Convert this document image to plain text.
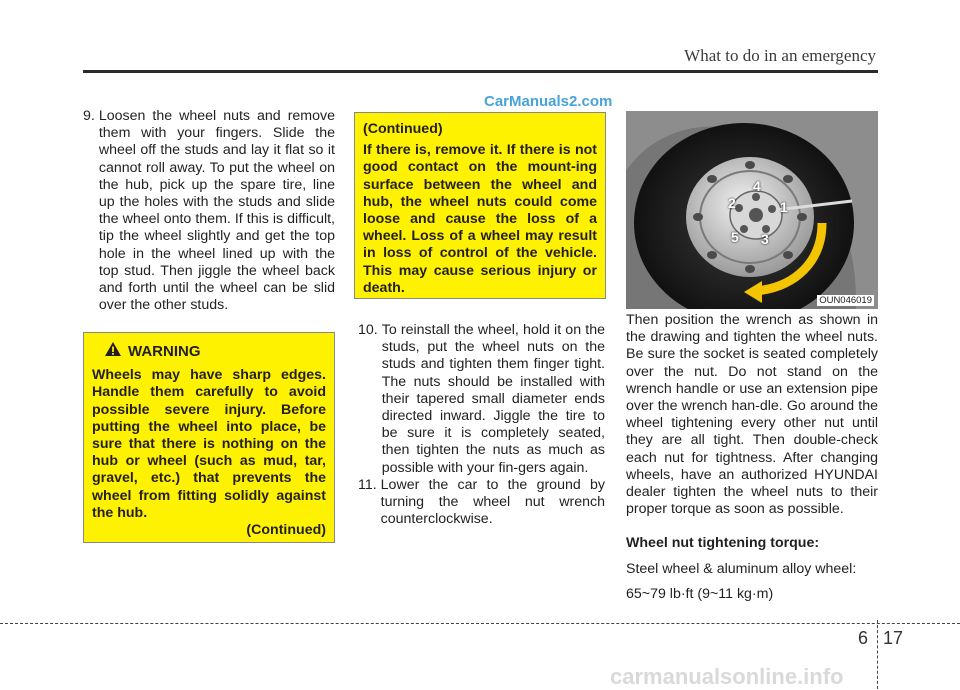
What to do in an emergency
CarManuals2.com
9. Loosen the wheel nuts and remove them with your fingers. Slide the wheel off the studs and lay it flat so it cannot roll away. To put the wheel on the hub, pick up the spare tire, line up the holes with the studs and slide the wheel onto them. If this is difficult, tip the wheel slightly and get the top hole in the wheel lined up with the top stud. Then jiggle the wheel back and forth until the wheel can be slid over the other studs.
WARNING
Wheels may have sharp edges. Handle them carefully to avoid possible severe injury. Before putting the wheel into place, be sure that there is nothing on the hub or wheel (such as mud, tar, gravel, etc.) that prevents the wheel from fitting solidly against the hub.
(Continued)
(Continued)
If there is, remove it. If there is not good contact on the mount-ing surface between the wheel and hub, the wheel nuts could come loose and cause the loss of a wheel. Loss of a wheel may result in loss of control of the vehicle. This may cause serious injury or death.
10. To reinstall the wheel, hold it on the studs, put the wheel nuts on the studs and tighten them finger tight. The nuts should be installed with their tapered small diameter ends directed inward. Jiggle the tire to be sure it is completely seated, then tighten the nuts as much as possible with your fin-gers again.
11. Lower the car to the ground by turning the wheel nut wrench counterclockwise.
4
2	1
5 3
OUN046019

Then position the wrench as shown in the drawing and tighten the wheel nuts. Be sure the socket is seated completely over the nut. Do not stand on the wrench handle or use an extension pipe over the wrench han-dle. Go around the wheel tightening every other nut until they are all tight. Then double-check each nut for tightness. After changing wheels, have an authorized HYUNDAI dealer tighten the wheel nuts to their proper torque as soon as possible.

Wheel nut tightening torque:
Steel wheel & aluminum alloy wheel:
65~79 lb·ft (9~11 kg·m)
6 17
carmanualsonline.info
